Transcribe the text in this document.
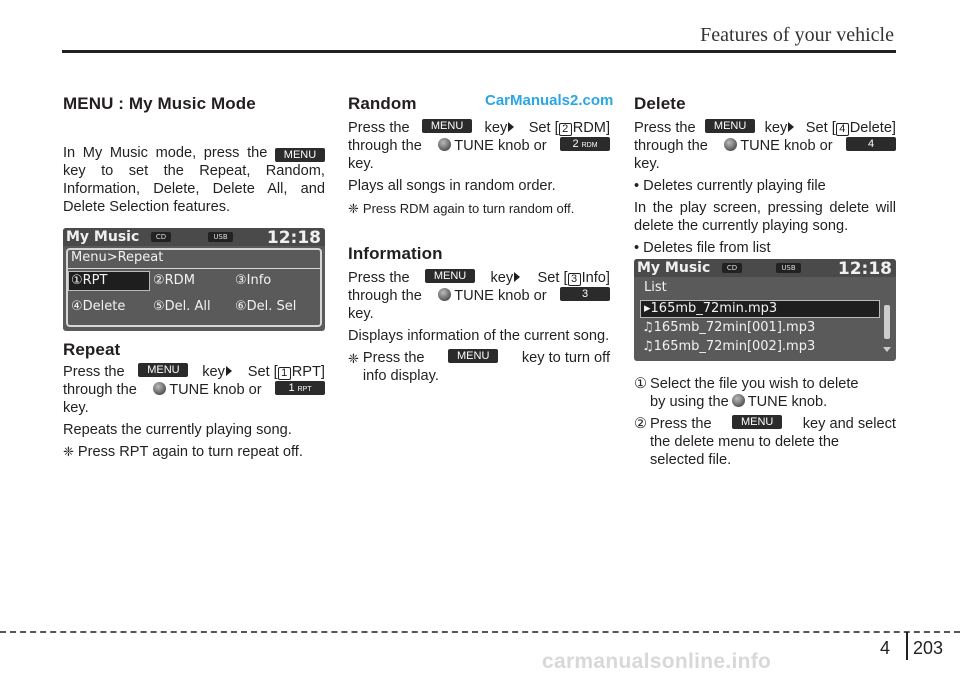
Features of your vehicle
MENU : My Music Mode
In My Music mode, press the MENU key to set the Repeat, Random, Information, Delete, Delete All, and Delete Selection features.
My Music	CD	USB	12:18
Menu>Repeat
①RPT	②RDM	③Info
④Delete ⑤Del. All ⑥Del. Sel
Repeat
Press the	MENU	key	Set [ 1 RPT]
through the	TUNE knob or	1 RPT
key.
Repeats the currently playing song.
❈ Press RPT again to turn repeat off.
Random	CarManuals2.com
Press the	MENU	key	Set [ 2 RDM]
through the	TUNE knob or	2 RDM
key.
Plays all songs in random order.
❈ Press RDM again to turn random off.
Information
Press the	MENU	key	Set [ 3 Info]
through the	TUNE knob or	3
key.
Displays information of the current song.
❈ Press the	MENU	key to turn off
info display.
Delete
Press the	MENU	key	Set [ 4 Delete]
through the	TUNE knob or	4
key.
• Deletes currently playing file
In the play screen, pressing delete will delete the currently playing song.
• Deletes file from list
My Music	CD	USB	12:18
List
▸165mb_72min.mp3
♫165mb_72min[001].mp3
♫165mb_72min[002].mp3
① Select the file you wish to delete
by using the TUNE knob.
② Press the	MENU	key and select
the delete menu to delete the
selected file.
4 203
carmanualsonline.info
